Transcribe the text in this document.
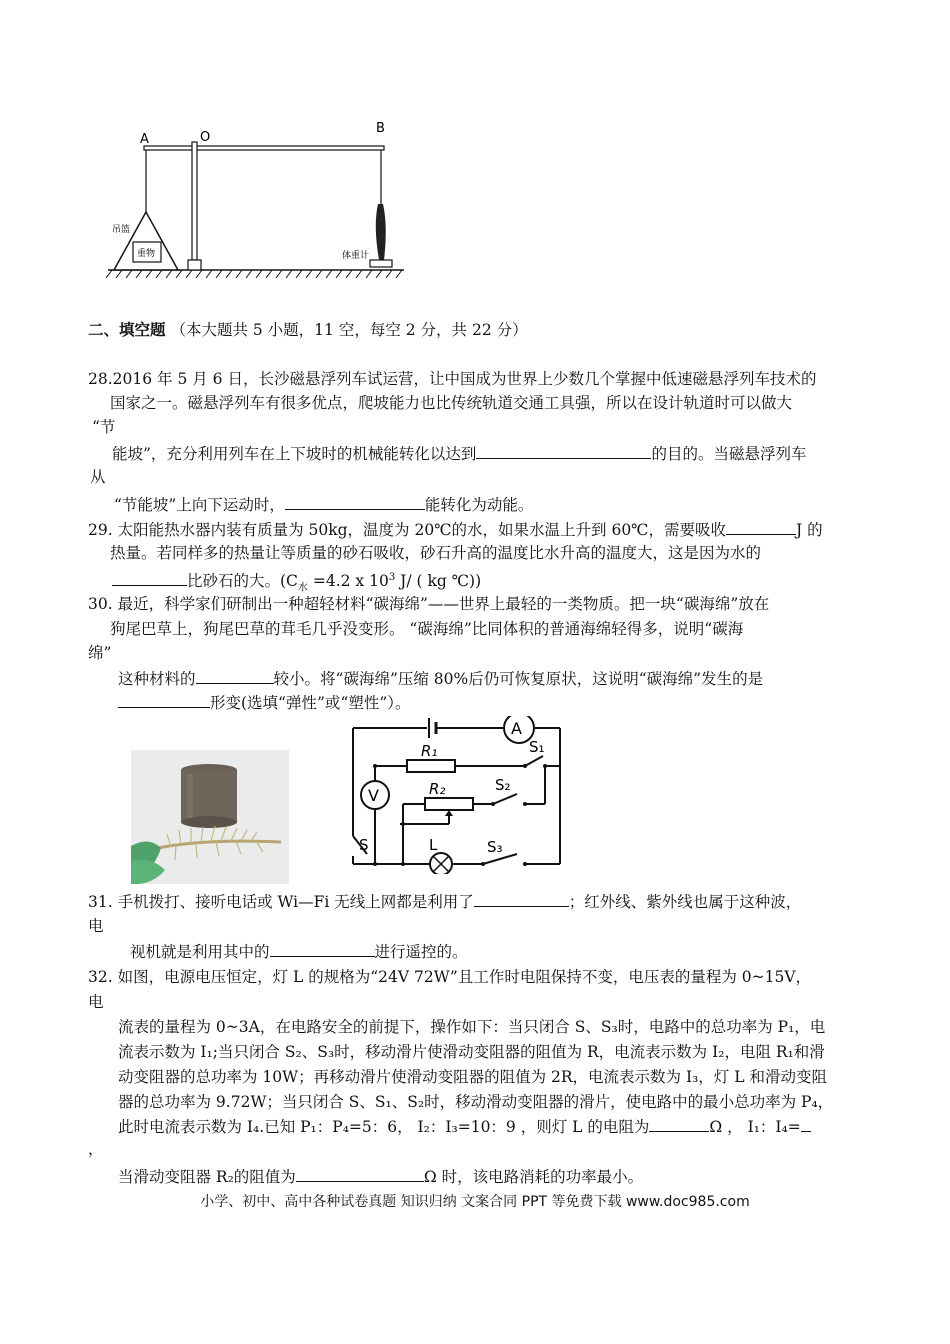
A	O
B
吊篮
重物	体重计
二、填空题 （本大题共 5 小题，11 空，每空 2 分，共 22 分）
28.2016 年 5 月 6 日，长沙磁悬浮列车试运营，让中国成为世界上少数几个掌握中低速磁悬浮列车技术的
国家之一。磁悬浮列车有很多优点，爬坡能力也比传统轨道交通工具强，所以在设计轨道时可以做大
“节
能坡”，充分利用列车在上下坡时的机械能转化以达到	的目的。当磁悬浮列车
从
“节能坡”上向下运动时，	能转化为动能。
29. 太阳能热水器内装有质量为 50kg，温度为 20℃的水，如果水温上升到 60℃，需要吸收	J 的
热量。若同样多的热量让等质量的砂石吸收，砂石升高的温度比水升高的温度大，这是因为水的
比砂石的大。($C_水 =4.2$ x $10^3$ J/ ( kg ℃))
30. 最近，科学家们研制出一种超轻材料“碳海绵”——世界上最轻的一类物质。把一块“碳海绵”放在
狗尾巴草上，狗尾巴草的茸毛几乎没变形。 “碳海绵”比同体积的普通海绵轻得多，说明“碳海
绵”
这种材料的	较小。将“碳海绵”压缩 80%后仍可恢复原状，这说明“碳海绵”发生的是
形变(选填“弹性”或“塑性”）。
A
V
R₁
R₂
S₁
S₂
S₃
S	L
31. 手机拨打、接听电话或 Wi—Fi 无线上网都是利用了	；红外线、紫外线也属于这种波，
电
视机就是利用其中的	进行遥控的。
32. 如图，电源电压恒定，灯 L 的规格为“24V 72W”且工作时电阻保持不变，电压表的量程为 0~15V，
电
流表的量程为 0~3A，在电路安全的前提下，操作如下：当只闭合 S、S₃时，电路中的总功率为 P₁，电
流表示数为 I₁;当只闭合 S₂、S₃时，移动滑片使滑动变阻器的阻值为 R，电流表示数为 I₂，电阻 R₁和滑
动变阻器的总功率为 10W；再移动滑片使滑动变阻器的阻值为 2R，电流表示数为 I₃，灯 L 和滑动变阻
器的总功率为 9.72W；当只闭合 S、S₁、S₂时，移动滑动变阻器的滑片，使电路中的最小总功率为 P₄，
此时电流表示数为 I₄.已知 P₁：P₄=5：6， I₂：I₃=10：9 ，则灯 L 的电阻为	Ω ， I₁：I₄=
，
当滑动变阻器 R₂的阻值为	Ω 时，该电路消耗的功率最小。
小学、初中、高中各种试卷真题 知识归纳 文案合同 PPT 等免费下载 www.doc985.com
